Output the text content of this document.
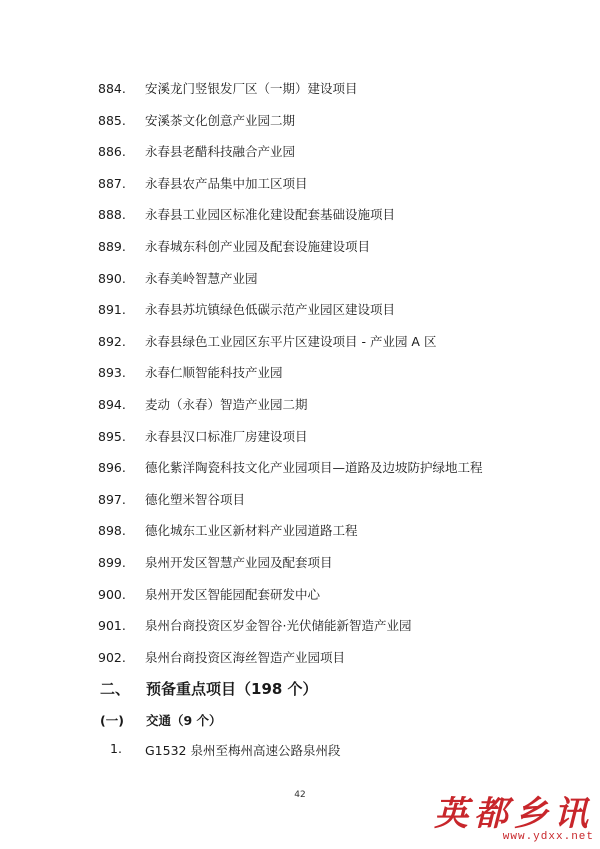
884. 安溪龙门竖银发厂区（一期）建设项目
885. 安溪茶文化创意产业园二期
886. 永春县老醋科技融合产业园
887. 永春县农产品集中加工区项目
888. 永春县工业园区标准化建设配套基础设施项目
889. 永春城东科创产业园及配套设施建设项目
890. 永春美岭智慧产业园
891. 永春县苏坑镇绿色低碳示范产业园区建设项目
892. 永春县绿色工业园区东平片区建设项目 - 产业园 A 区
893. 永春仁顺智能科技产业园
894. 麦动（永春）智造产业园二期
895. 永春县汉口标准厂房建设项目
896. 德化紫洋陶瓷科技文化产业园项目—道路及边坡防护绿地工程
897. 德化塑米智谷项目
898. 德化城东工业区新材料产业园道路工程
899. 泉州开发区智慧产业园及配套项目
900. 泉州开发区智能园配套研发中心
901. 泉州台商投资区岁金智谷·光伏储能新智造产业园
902. 泉州台商投资区海丝智造产业园项目
二、 预备重点项目（198 个）
(一) 交通（9 个）
1. G1532 泉州至梅州高速公路泉州段
42	英都乡讯
www.ydxx.net
